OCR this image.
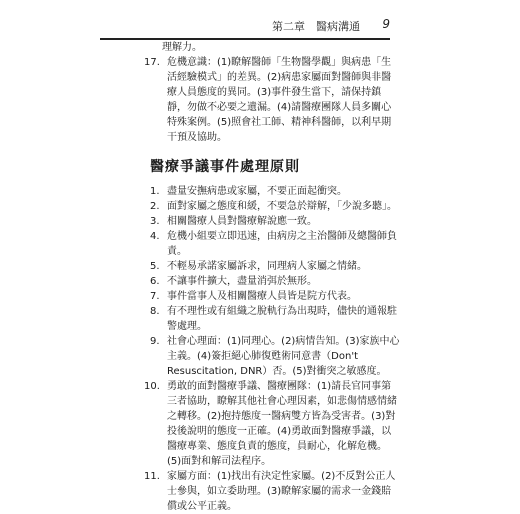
第二章　醫病溝通 9

理解力。

17. 危機意識：(1)瞭解醫師「生物醫學觀」與病患「生活經驗模式」的差異。(2)病患家屬面對醫師與非醫療人員態度的異同。(3)事件發生當下，請保持鎮靜，勿做不必要之遺漏。(4)請醫療團隊人員多關心特殊案例。(5)照會社工師、精神科醫師，以利早期干預及協助。
醫療爭議事件處理原則
1. 盡量安撫病患或家屬，不要正面起衝突。
2. 面對家屬之態度和緩，不要急於辯解，「少說多聽」。
3. 相關醫療人員對醫療解說應一致。
4. 危機小組要立即迅速，由病房之主治醫師及總醫師負責。
5. 不輕易承諾家屬訴求，同理病人家屬之情緒。
6. 不讓事件擴大，盡量消弭於無形。
7. 事件當事人及相關醫療人員皆是院方代表。
8. 有不理性或有組織之脫軌行為出現時，儘快的通報駐警處理。
9. 社會心理面：(1)同理心。(2)病情告知。(3)家族中心主義。(4)簽拒絕心肺復甦術同意書（Don't Resuscitation, DNR）否。(5)對衝突之敏感度。
10. 勇敢的面對醫療爭議、醫療團隊：(1)請長官同事第三者協助，瞭解其他社會心理因素，如悲傷情感情緒之轉移。(2)抱持態度一醫病雙方皆為受害者。(3)對投後說明的態度一正確。(4)勇敢面對醫療爭議，以醫療專業、態度負責的態度，員耐心，化解危機。(5)面對和解司法程序。
11. 家屬方面：(1)找出有決定性家屬。(2)不反對公正人士參與，如立委助理。(3)瞭解家屬的需求一金錢賠償或公平正義。
